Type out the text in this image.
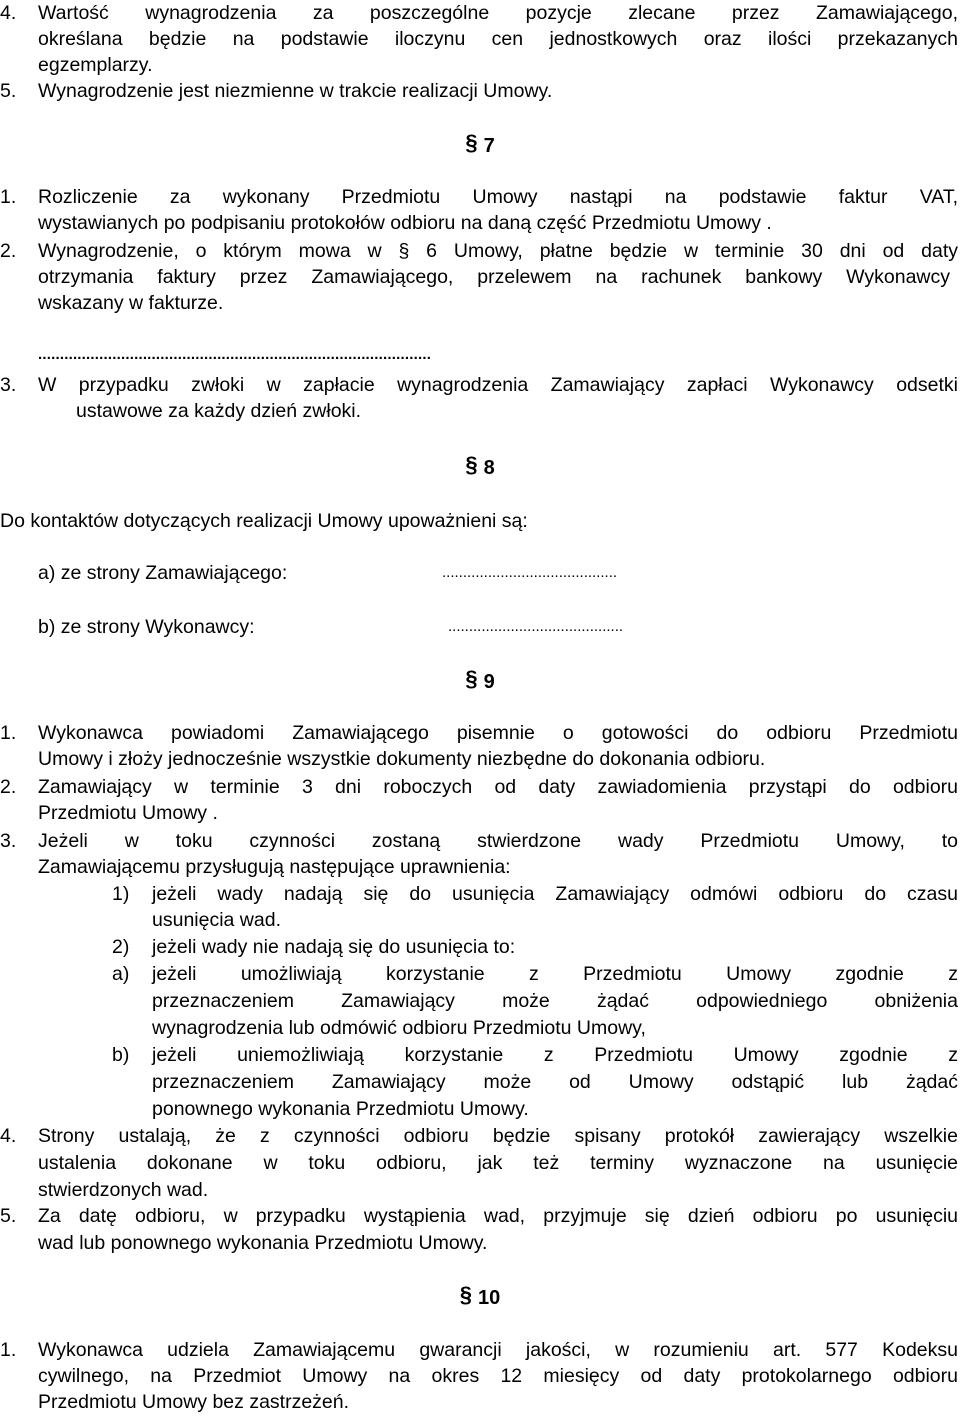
4. Wartość wynagrodzenia za poszczególne pozycje zlecane przez Zamawiającego,
określana będzie na podstawie iloczynu cen jednostkowych oraz ilości przekazanych
egzemplarzy.
5. Wynagrodzenie jest niezmienne w trakcie realizacji Umowy.
§ 7
1. Rozliczenie za wykonany Przedmiotu Umowy nastąpi na podstawie faktur VAT,
wystawianych po podpisaniu protokołów odbioru na daną część Przedmiotu Umowy .
2. Wynagrodzenie, o którym mowa w § 6 Umowy, płatne będzie w terminie 30 dni od daty
otrzymania faktury przez Zamawiającego, przelewem na rachunek bankowy Wykonawcy
wskazany w fakturze.
..........................................................................................
3. W przypadku zwłoki w zapłacie wynagrodzenia Zamawiający zapłaci Wykonawcy odsetki
ustawowe za każdy dzień zwłoki.
§ 8
Do kontaktów dotyczących realizacji Umowy upoważnieni są:
a) ze strony Zamawiającego:	..........................................
b) ze strony Wykonawcy:	..........................................
§ 9
1. Wykonawca powiadomi Zamawiającego pisemnie o gotowości do odbioru Przedmiotu
Umowy i złoży jednocześnie wszystkie dokumenty niezbędne do dokonania odbioru.
2. Zamawiający w terminie 3 dni roboczych od daty zawiadomienia przystąpi do odbioru
Przedmiotu Umowy .
3. Jeżeli w toku czynności zostaną stwierdzone wady Przedmiotu Umowy, to
Zamawiającemu przysługują następujące uprawnienia:
1) jeżeli wady nadają się do usunięcia Zamawiający odmówi odbioru do czasu
usunięcia wad.
2) jeżeli wady nie nadają się do usunięcia to:
a) jeżeli umożliwiają korzystanie z Przedmiotu Umowy zgodnie z
przeznaczeniem Zamawiający może żądać odpowiedniego obniżenia
wynagrodzenia lub odmówić odbioru Przedmiotu Umowy,
b) jeżeli uniemożliwiają korzystanie z Przedmiotu Umowy zgodnie z
przeznaczeniem Zamawiający może od Umowy odstąpić lub żądać
ponownego wykonania Przedmiotu Umowy.
4. Strony ustalają, że z czynności odbioru będzie spisany protokół zawierający wszelkie
ustalenia dokonane w toku odbioru, jak też terminy wyznaczone na usunięcie
stwierdzonych wad.
5. Za datę odbioru, w przypadku wystąpienia wad, przyjmuje się dzień odbioru po usunięciu
wad lub ponownego wykonania Przedmiotu Umowy.
§ 10
1. Wykonawca udziela Zamawiającemu gwarancji jakości, w rozumieniu art. 577 Kodeksu
cywilnego, na Przedmiot Umowy na okres 12 miesięcy od daty protokolarnego odbioru
Przedmiotu Umowy bez zastrzeżeń.
